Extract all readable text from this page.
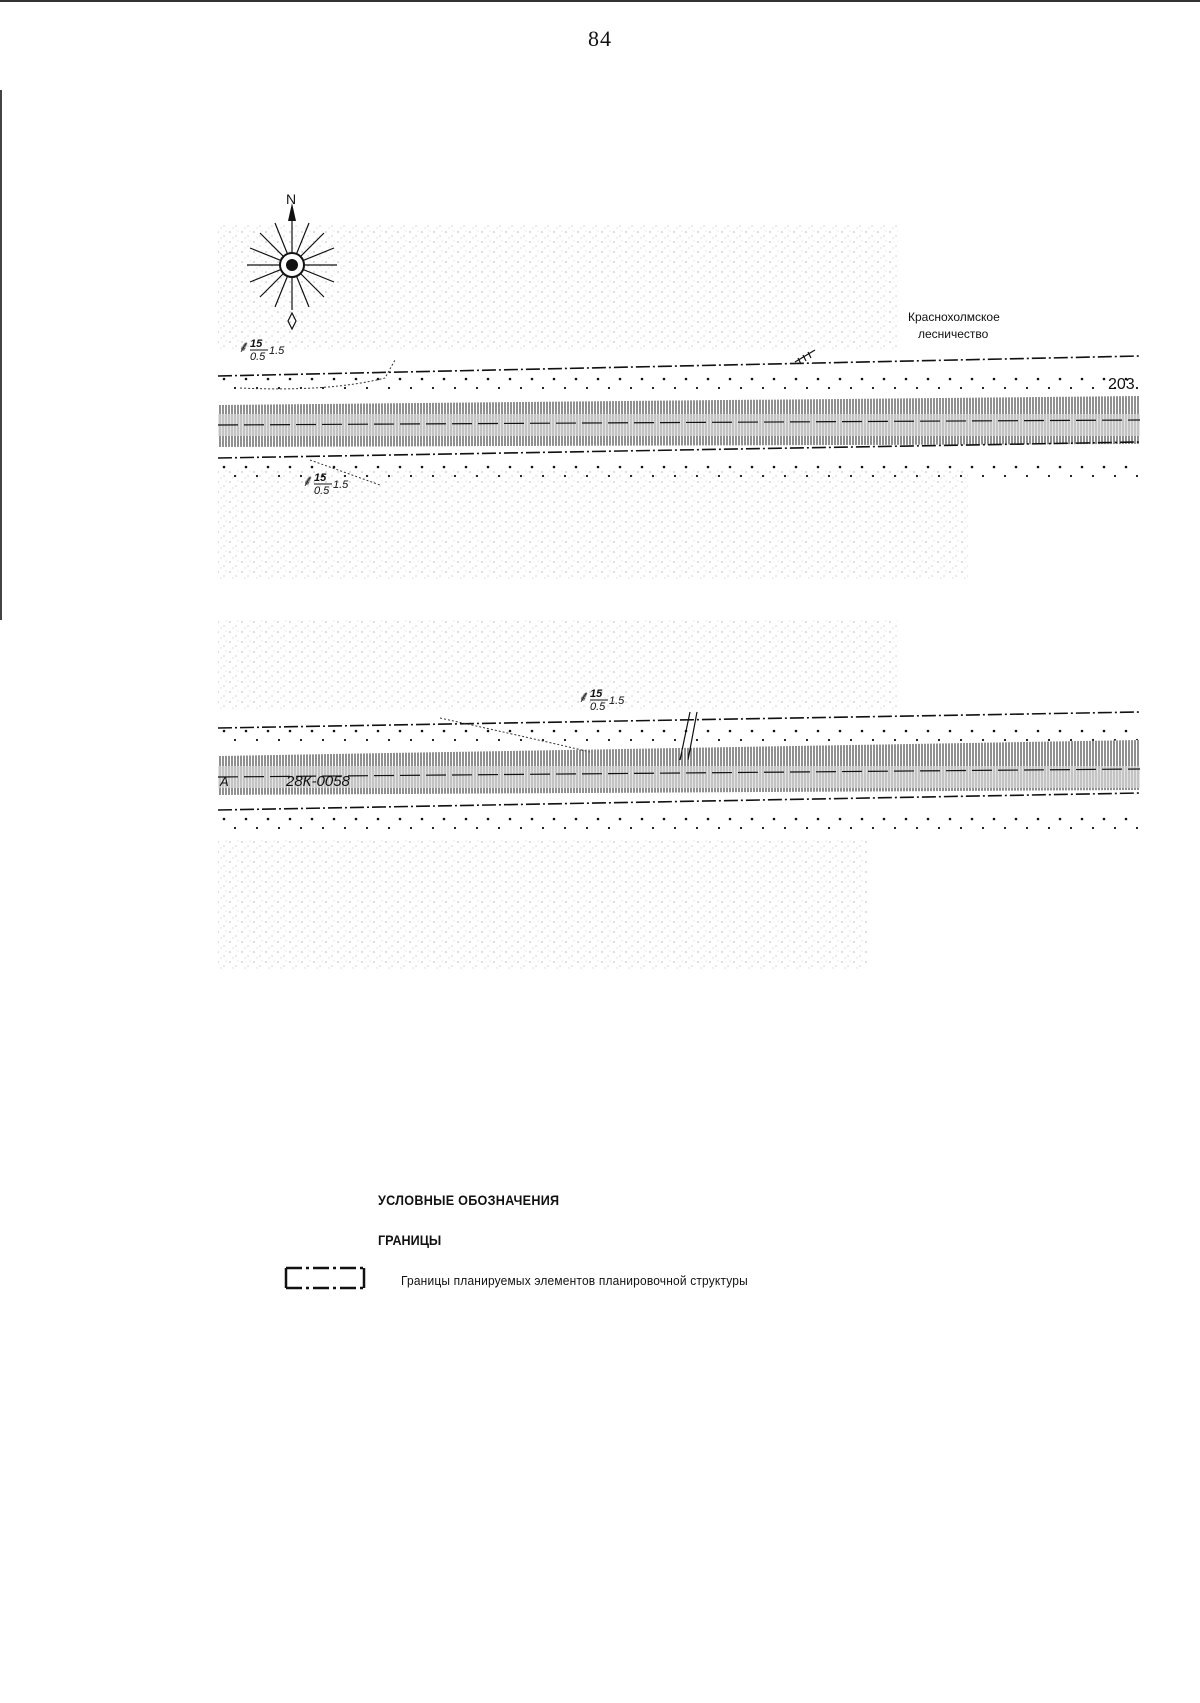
84
203
28К-0058
А
N
Краснохолмское
лесничество
⸙ 15
0.5 1.5
⸙ 15
0.5 1.5
⸙ 15
0.5 1.5
УСЛОВНЫЕ ОБОЗНАЧЕНИЯ
ГРАНИЦЫ
Границы планируемых элементов планировочной структуры
